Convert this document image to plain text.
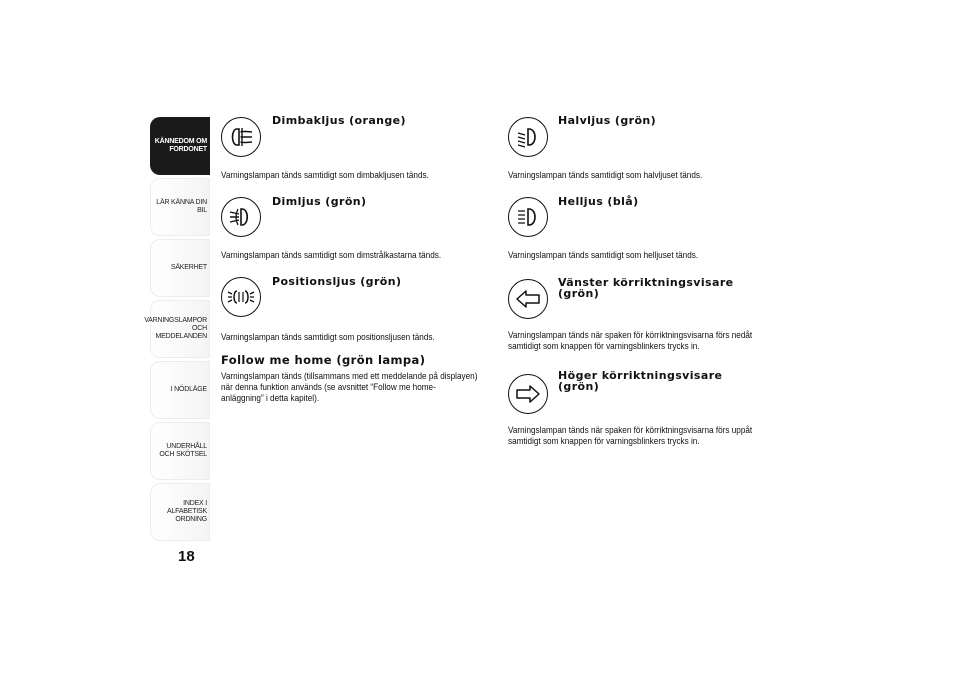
KÄNNEDOM OM FORDONET
LÄR KÄNNA DIN BIL
SÄKERHET
VARNINGSLAMPOR OCH MEDDELANDEN
I NÖDLÄGE
UNDERHÅLL OCH SKÖTSEL
INDEX I ALFABETISK ORDNING
18
Dimbakljus (orange)
Varningslampan tänds samtidigt som dimbakljusen tänds.
Dimljus (grön)
Varningslampan tänds samtidigt som dimstrålkastarna tänds.
Positionsljus (grön)
Varningslampan tänds samtidigt som positionsljusen tänds.
Follow me home (grön lampa)
Varningslampan tänds (tillsammans med ett meddelande på displayen)
när denna funktion används (se avsnittet “Follow me home-
anläggning” i detta kapitel).
Halvljus (grön)
Varningslampan tänds samtidigt som halvljuset tänds.
Helljus (blå)
Varningslampan tänds samtidigt som helljuset tänds.
Vänster körriktningsvisare
(grön)
Varningslampan tänds när spaken för körriktningsvisarna förs nedåt
samtidigt som knappen för varningsblinkers trycks in.
Höger körriktningsvisare
(grön)
Varningslampan tänds när spaken för körriktningsvisarna förs uppåt
samtidigt som knappen för varningsblinkers trycks in.
